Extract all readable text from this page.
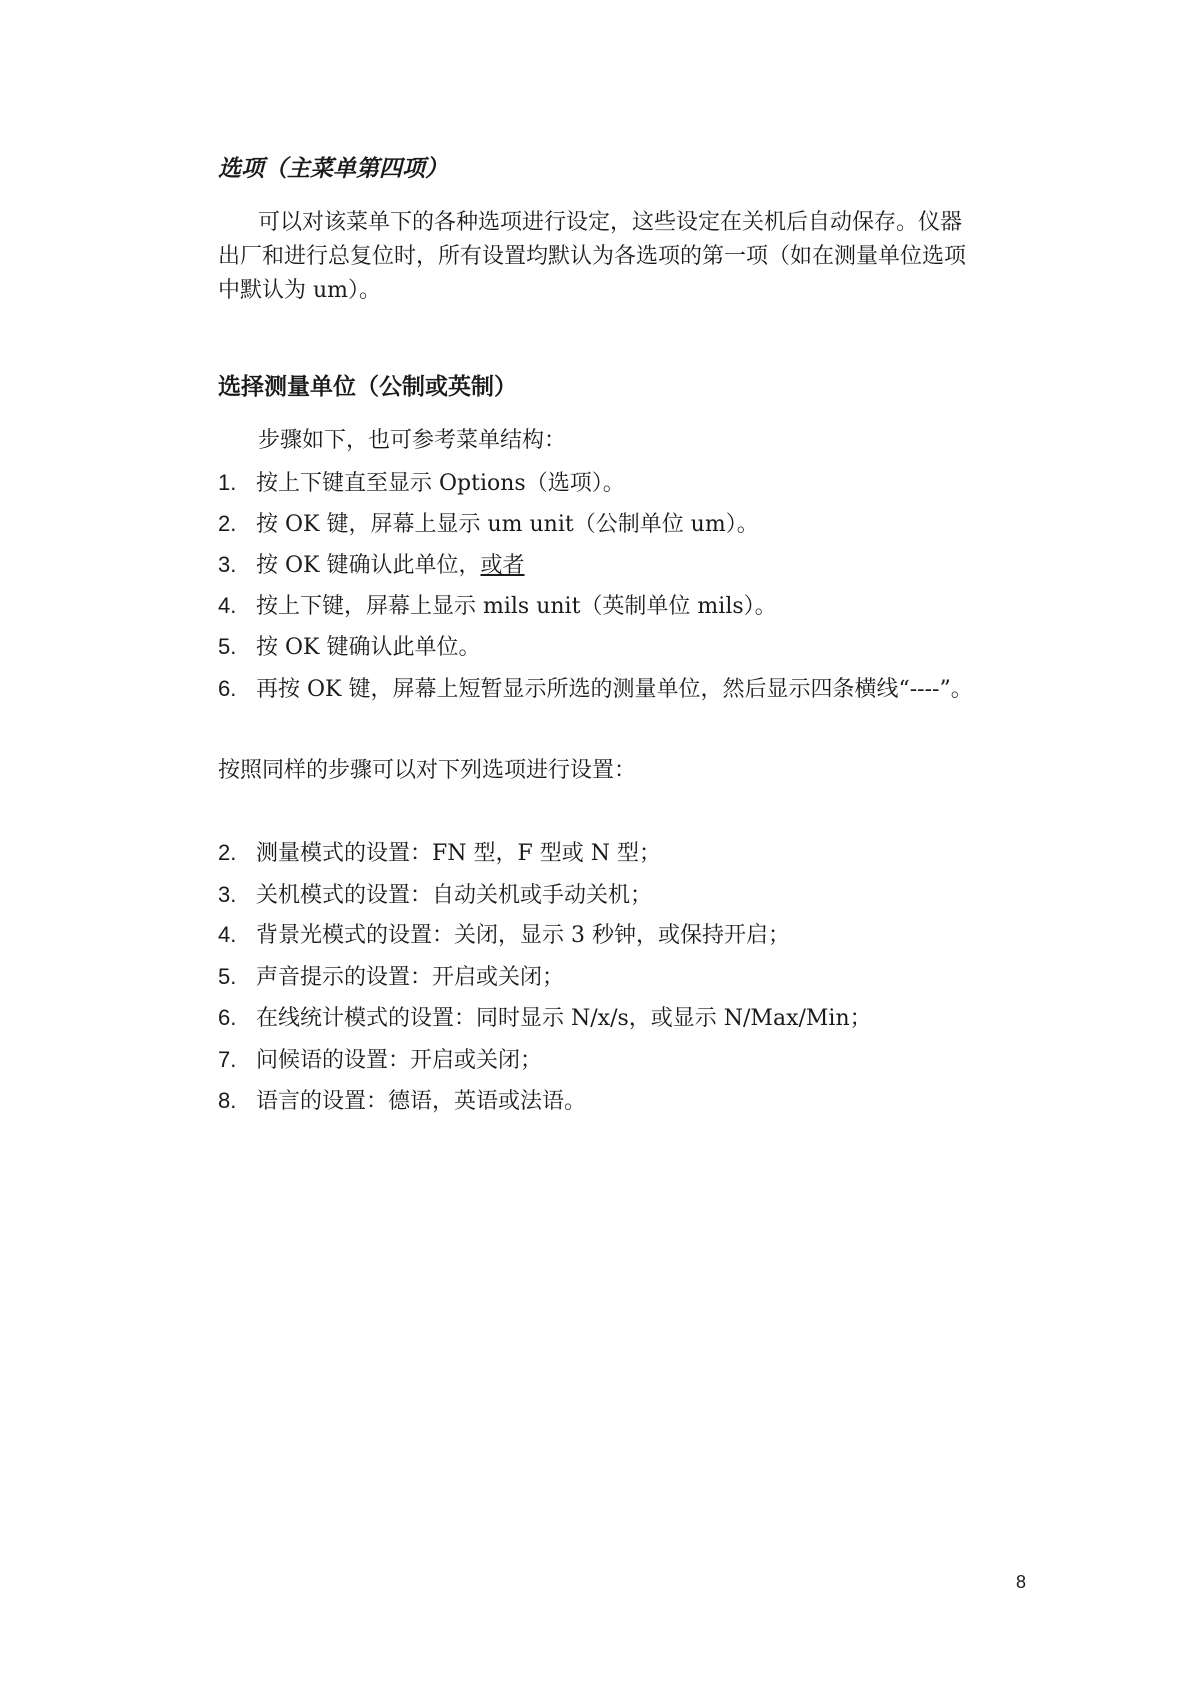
选项（主菜单第四项）
可以对该菜单下的各种选项进行设定，这些设定在关机后自动保存。仪器
出厂和进行总复位时，所有设置均默认为各选项的第一项（如在测量单位选项
中默认为 um）。
选择测量单位（公制或英制）
步骤如下，也可参考菜单结构：
1. 按上下键直至显示 Options（选项）。
2. 按 OK 键，屏幕上显示 um unit（公制单位 um）。
3. 按 OK 键确认此单位，或者
4. 按上下键，屏幕上显示 mils unit（英制单位 mils）。
5. 按 OK 键确认此单位。
6. 再按 OK 键，屏幕上短暂显示所选的测量单位，然后显示四条横线“----”。
按照同样的步骤可以对下列选项进行设置：
2. 测量模式的设置：FN 型，F 型或 N 型；
3. 关机模式的设置：自动关机或手动关机；
4. 背景光模式的设置：关闭，显示 3 秒钟，或保持开启；
5. 声音提示的设置：开启或关闭；
6. 在线统计模式的设置：同时显示 N/x/s，或显示 N/Max/Min；
7. 问候语的设置：开启或关闭；
8. 语言的设置：德语，英语或法语。
8
